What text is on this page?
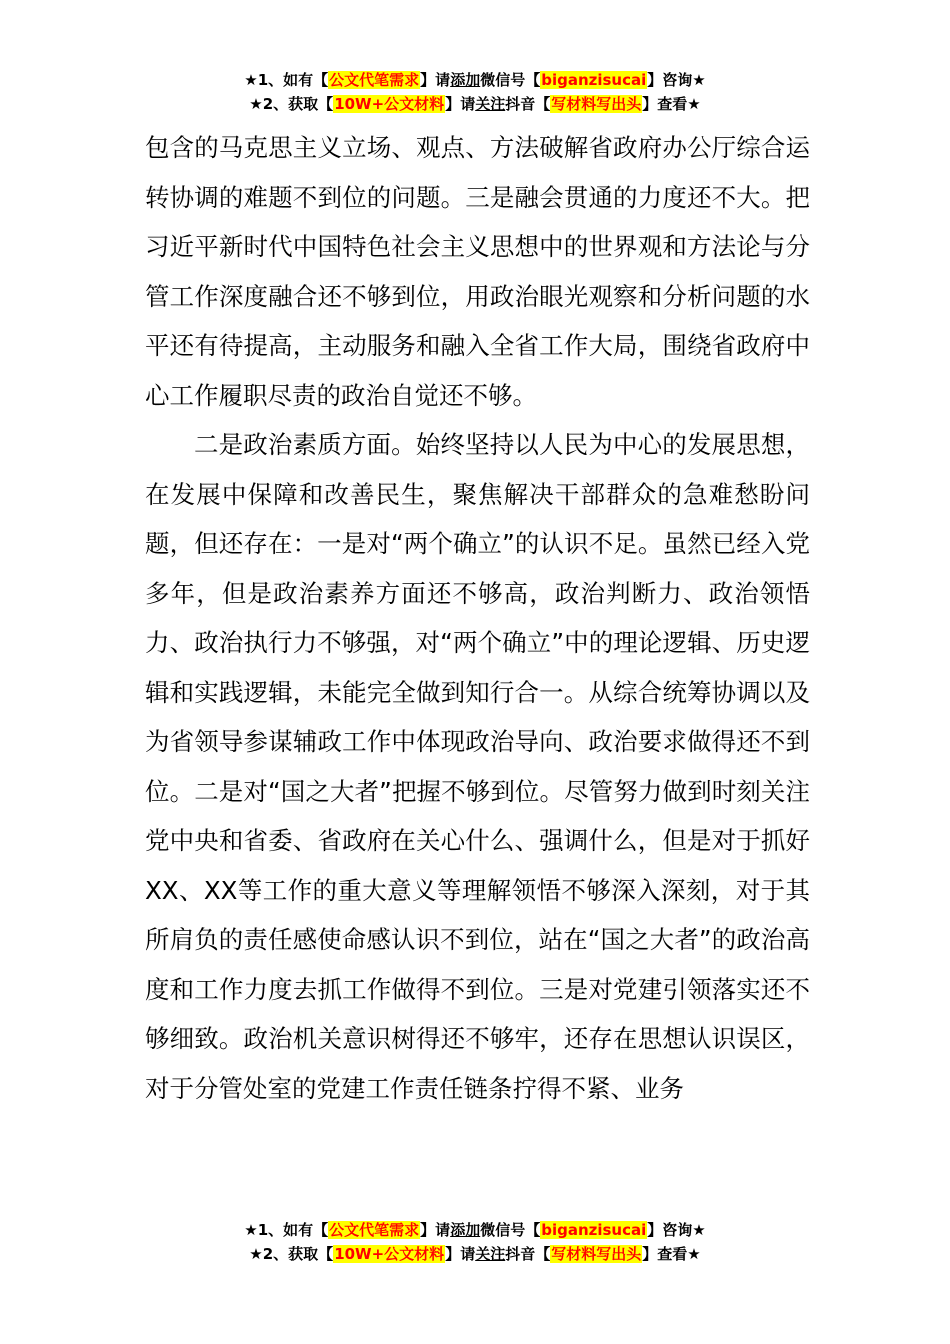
★1、如有【公文代笔需求】请添加微信号【biganzisucai】咨询★
★2、获取【10W+公文材料】请关注抖音【写材料写出头】查看★

包含的马克思主义立场、观点、方法破解省政府办公厅综合运转协调的难题不到位的问题。三是融会贯通的力度还不大。把习近平新时代中国特色社会主义思想中的世界观和方法论与分管工作深度融合还不够到位，用政治眼光观察和分析问题的水平还有待提高，主动服务和融入全省工作大局，围绕省政府中心工作履职尽责的政治自觉还不够。

二是政治素质方面。始终坚持以人民为中心的发展思想，在发展中保障和改善民生，聚焦解决干部群众的急难愁盼问题，但还存在：一是对“两个确立”的认识不足。虽然已经入党多年，但是政治素养方面还不够高，政治判断力、政治领悟力、政治执行力不够强，对“两个确立”中的理论逻辑、历史逻辑和实践逻辑，未能完全做到知行合一。从综合统筹协调以及为省领导参谋辅政工作中体现政治导向、政治要求做得还不到位。二是对“国之大者”把握不够到位。尽管努力做到时刻关注党中央和省委、省政府在关心什么、强调什么，但是对于抓好XX、XX等工作的重大意义等理解领悟不够深入深刻，对于其所肩负的责任感使命感认识不到位，站在“国之大者”的政治高度和工作力度去抓工作做得不到位。三是对党建引领落实还不够细致。政治机关意识树得还不够牢，还存在思想认识误区，对于分管处室的党建工作责任链条拧得不紧、业务

★1、如有【公文代笔需求】请添加微信号【biganzisucai】咨询★
★2、获取【10W+公文材料】请关注抖音【写材料写出头】查看★
